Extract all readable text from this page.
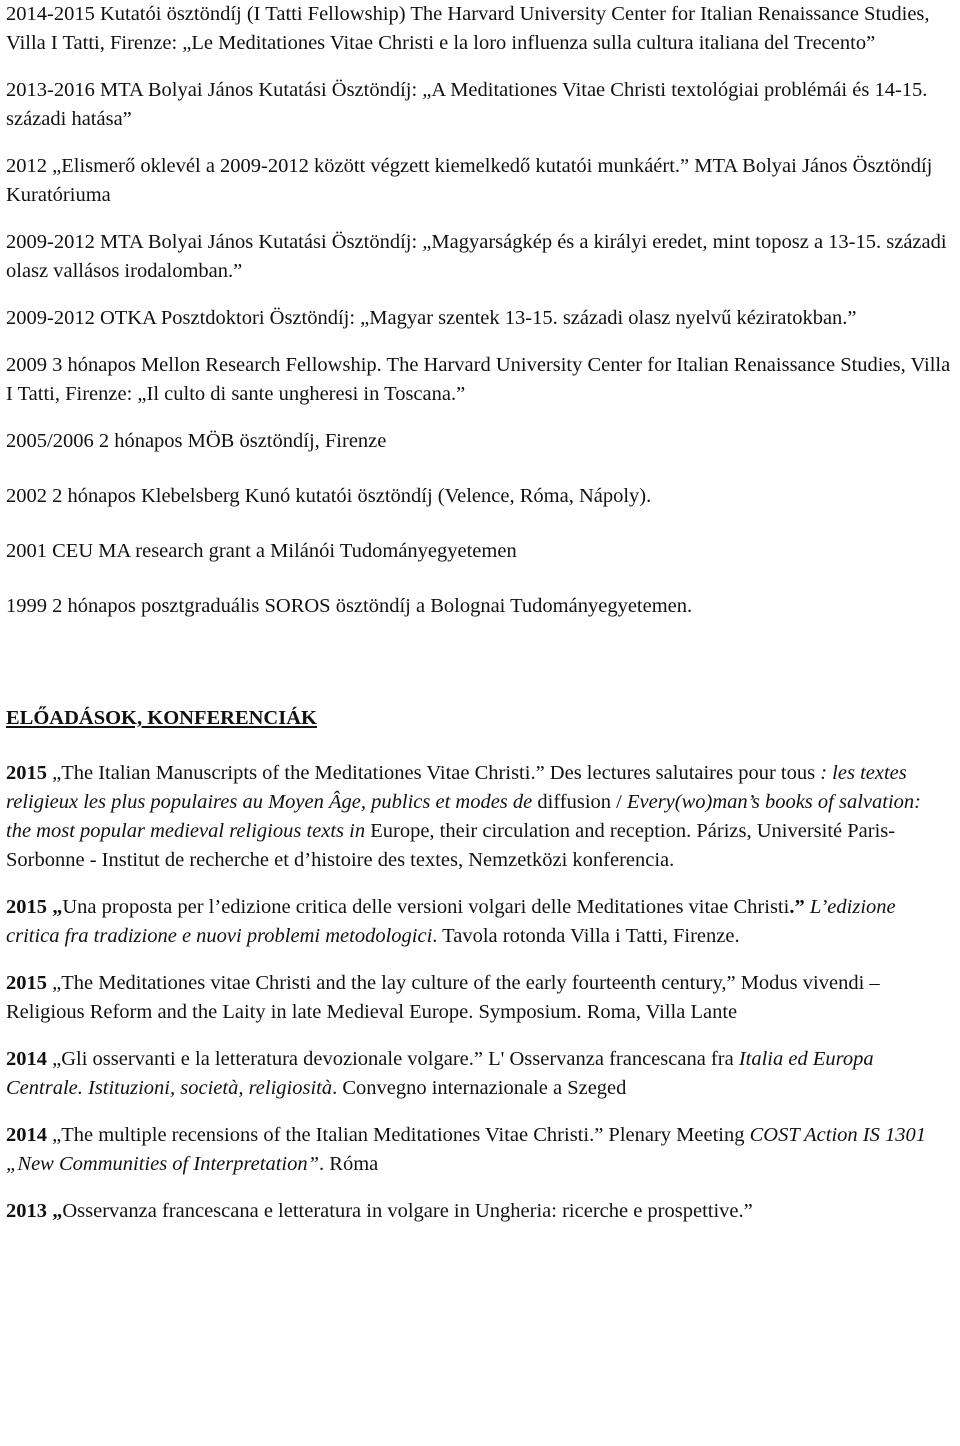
2014-2015 Kutatói ösztöndíj (I Tatti Fellowship) The Harvard University Center for Italian Renaissance Studies, Villa I Tatti, Firenze: „Le Meditationes Vitae Christi e la loro influenza sulla cultura italiana del Trecento”

2013-2016 MTA Bolyai János Kutatási Ösztöndíj: „A Meditationes Vitae Christi textológiai problémái és 14-15. századi hatása”

2012 „Elismerő oklevél a 2009-2012 között végzett kiemelkedő kutatói munkáért.” MTA Bolyai János Ösztöndíj Kuratóriuma

2009-2012 MTA Bolyai János Kutatási Ösztöndíj: „Magyarságkép és a királyi eredet, mint toposz a 13-15. századi olasz vallásos irodalomban.”

2009-2012 OTKA Posztdoktori Ösztöndíj: „Magyar szentek 13-15. századi olasz nyelvű kéziratokban.”

2009 3 hónapos Mellon Research Fellowship. The Harvard University Center for Italian Renaissance Studies, Villa I Tatti, Firenze: „Il culto di sante ungheresi in Toscana.”

2005/2006 2 hónapos MÖB ösztöndíj, Firenze

2002 2 hónapos Klebelsberg Kunó kutatói ösztöndíj (Velence, Róma, Nápoly).

2001 CEU MA research grant a Milánói Tudományegyetemen

1999 2 hónapos posztgraduális SOROS ösztöndíj a Bolognai Tudományegyetemen.

ELŐADÁSOK, KONFERENCIÁK

2015 „The Italian Manuscripts of the Meditationes Vitae Christi.” Des lectures salutaires pour tous : les textes religieux les plus populaires au Moyen Âge, publics et modes de diffusion / Every(wo)man’s books of salvation: the most popular medieval religious texts in Europe, their circulation and reception. Párizs, Université Paris-Sorbonne - Institut de recherche et d’histoire des textes, Nemzetközi konferencia.

2015 „Una proposta per l’edizione critica delle versioni volgari delle Meditationes vitae Christi.” L’edizione critica fra tradizione e nuovi problemi metodologici. Tavola rotonda Villa i Tatti, Firenze.

2015 „The Meditationes vitae Christi and the lay culture of the early fourteenth century,” Modus vivendi – Religious Reform and the Laity in late Medieval Europe. Symposium. Roma, Villa Lante

2014 „Gli osservanti e la letteratura devozionale volgare.” L' Osservanza francescana fra Italia ed Europa Centrale. Istituzioni, società, religiosità. Convegno internazionale a Szeged

2014 „The multiple recensions of the Italian Meditationes Vitae Christi.” Plenary Meeting COST Action IS 1301 „New Communities of Interpretation”. Róma

2013 „Osservanza francescana e letteratura in volgare in Ungheria: ricerche e prospettive.”
